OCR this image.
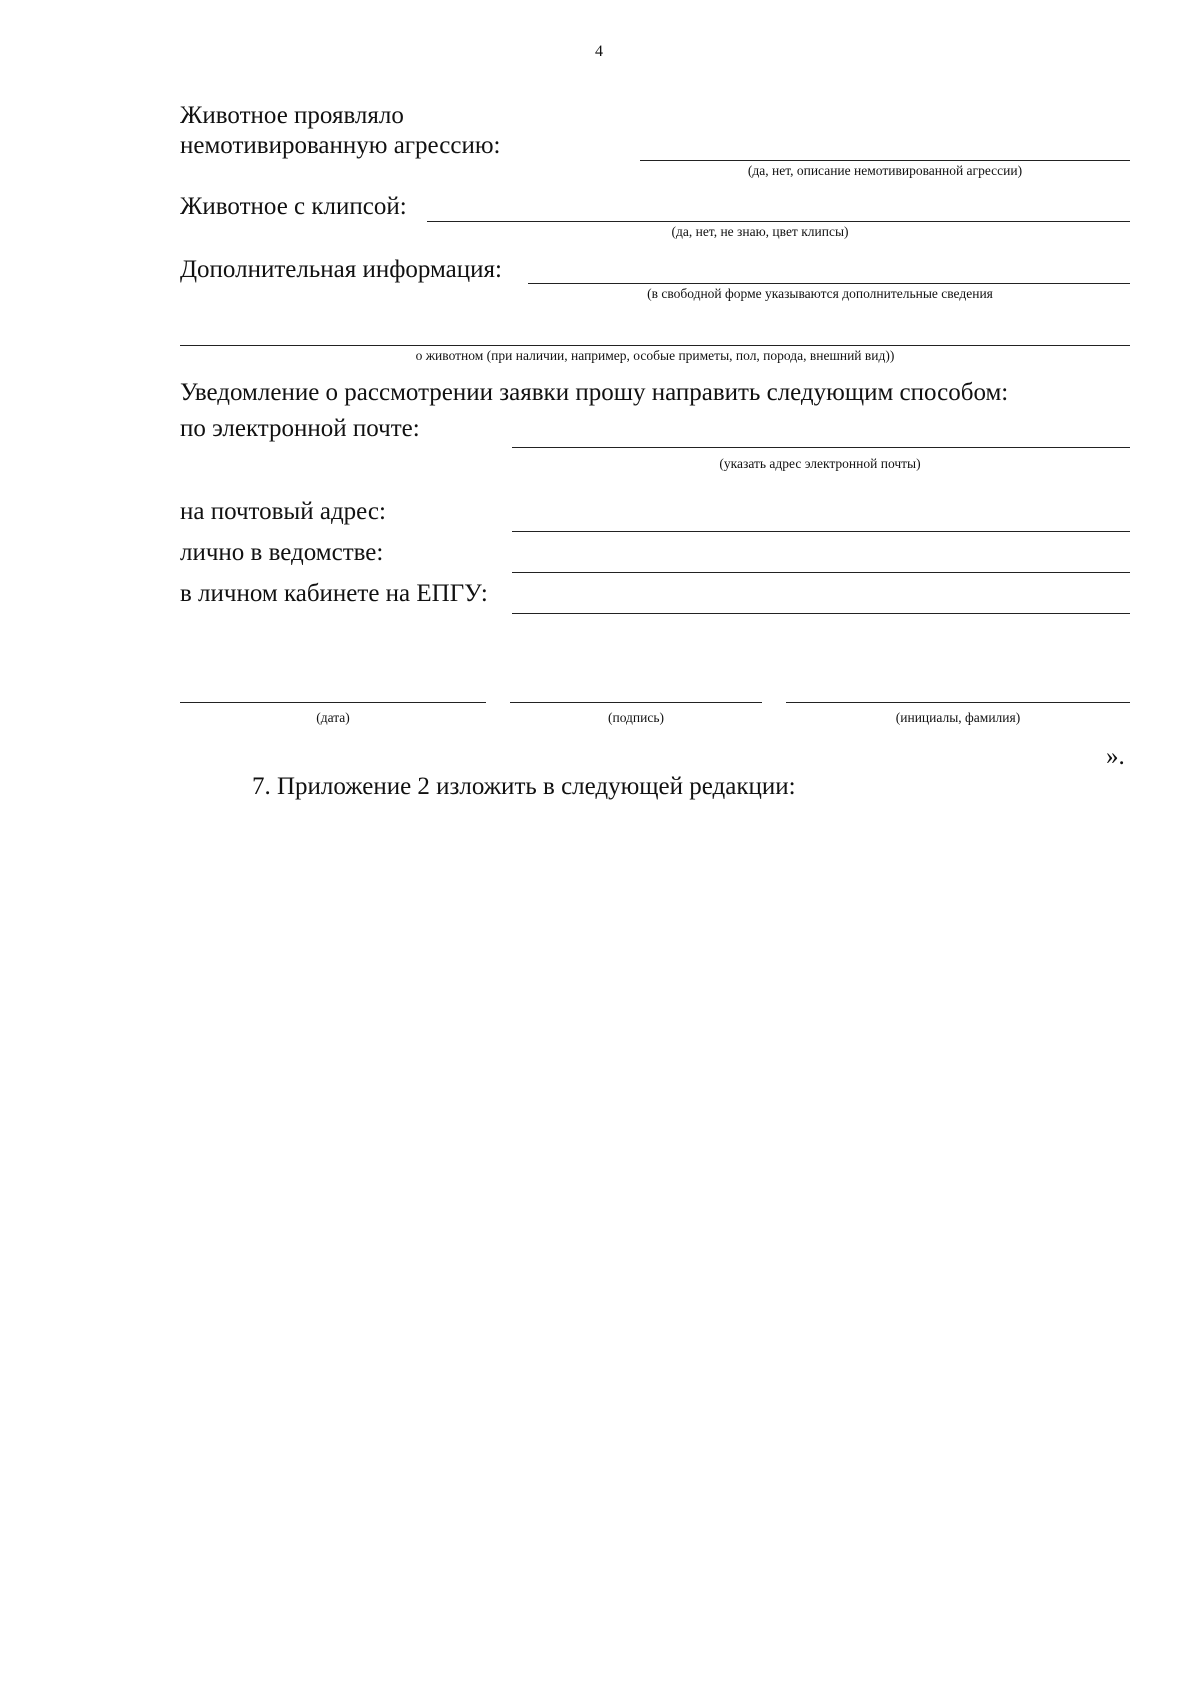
4
Животное проявляло
немотивированную агрессию:
(да, нет, описание немотивированной агрессии)
Животное с клипсой:
(да, нет, не знаю, цвет клипсы)
Дополнительная информация:
(в свободной форме указываются дополнительные сведения
о животном (при наличии, например, особые приметы, пол, порода, внешний вид))
Уведомление о рассмотрении заявки прошу направить следующим способом:
по электронной почте:
(указать адрес электронной почты)
на почтовый адрес:
лично в ведомстве:
в личном кабинете на ЕПГУ:
(дата)	(подпись)	(инициалы, фамилия)
».
7. Приложение 2 изложить в следующей редакции:
